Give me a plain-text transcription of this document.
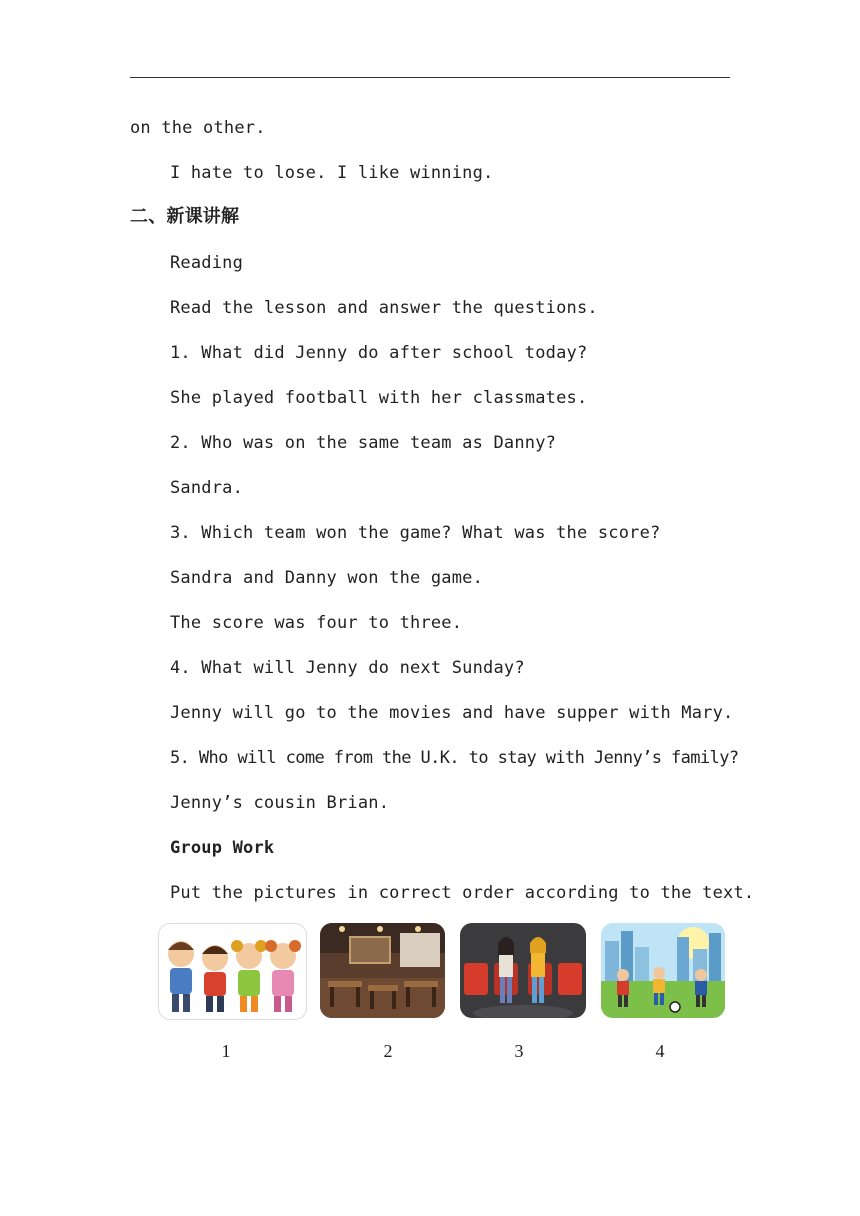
on the other.
I hate to lose. I like winning.
二、新课讲解
Reading
Read the lesson and answer the questions.
1. What did Jenny do after school today?
She played football with her classmates.
2. Who was on the same team as Danny?
Sandra.
3. Which team won the game? What was the score?
Sandra and Danny won the game.
The score was four to three.
4. What will Jenny do next Sunday?
Jenny will go to the movies and have supper with Mary.
5. Who will come from the U.K. to stay with Jenny’s family?
Jenny’s cousin Brian.
Group Work
Put the pictures in correct order according to the text.
1	2	3	4
